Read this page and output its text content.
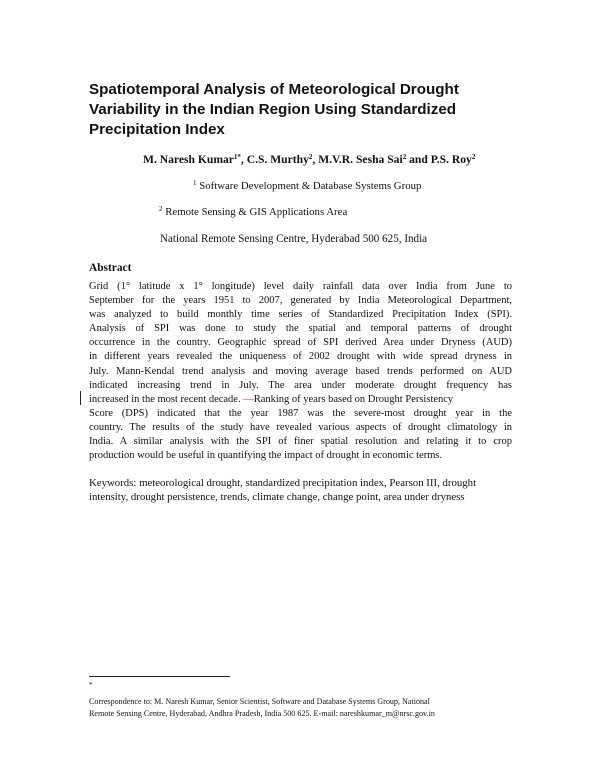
Spatiotemporal Analysis of Meteorological Drought
Variability in the Indian Region Using Standardized
Precipitation Index
M. Naresh Kumar$^{1*}$, C.S. Murthy$^2$, M.V.R. Sesha Sai$^2$ and P.S. Roy$^2$
$^1$ Software Development & Database Systems Group
$^2$ Remote Sensing & GIS Applications Area
National Remote Sensing Centre, Hyderabad 500 625, India
Abstract
Grid (1° latitude x 1° longitude) level daily rainfall data over India from June to
September for the years 1951 to 2007, generated by India Meteorological Department,
was analyzed to build monthly time series of Standardized Precipitation Index (SPI).
Analysis of SPI was done to study the spatial and temporal patterns of drought
occurrence in the country. Geographic spread of SPI derived Area under Dryness (AUD)
in different years revealed the uniqueness of 2002 drought with wide spread dryness in
July. Mann-Kendal trend analysis and moving average based trends performed on AUD
indicated increasing trend in July. The area under moderate drought frequency has
increased in the most recent decade. —Ranking of years based on Drought Persistency
Score (DPS) indicated that the year 1987 was the severe-most drought year in the
country. The results of the study have revealed various aspects of drought climatology in
India. A similar analysis with the SPI of finer spatial resolution and relating it to crop
production would be useful in quantifying the impact of drought in economic terms.
Keywords: meteorological drought, standardized precipitation index, Pearson III, drought
intensity, drought persistence, trends, climate change, change point, area under dryness
*
Correspondence to: M. Naresh Kumar, Senior Scientist, Software and Database Systems Group, National
Remote Sensing Centre, Hyderabad, Andhra Pradesh, India 500 625. E-mail: nareshkumar_m@nrsc.gov.in
